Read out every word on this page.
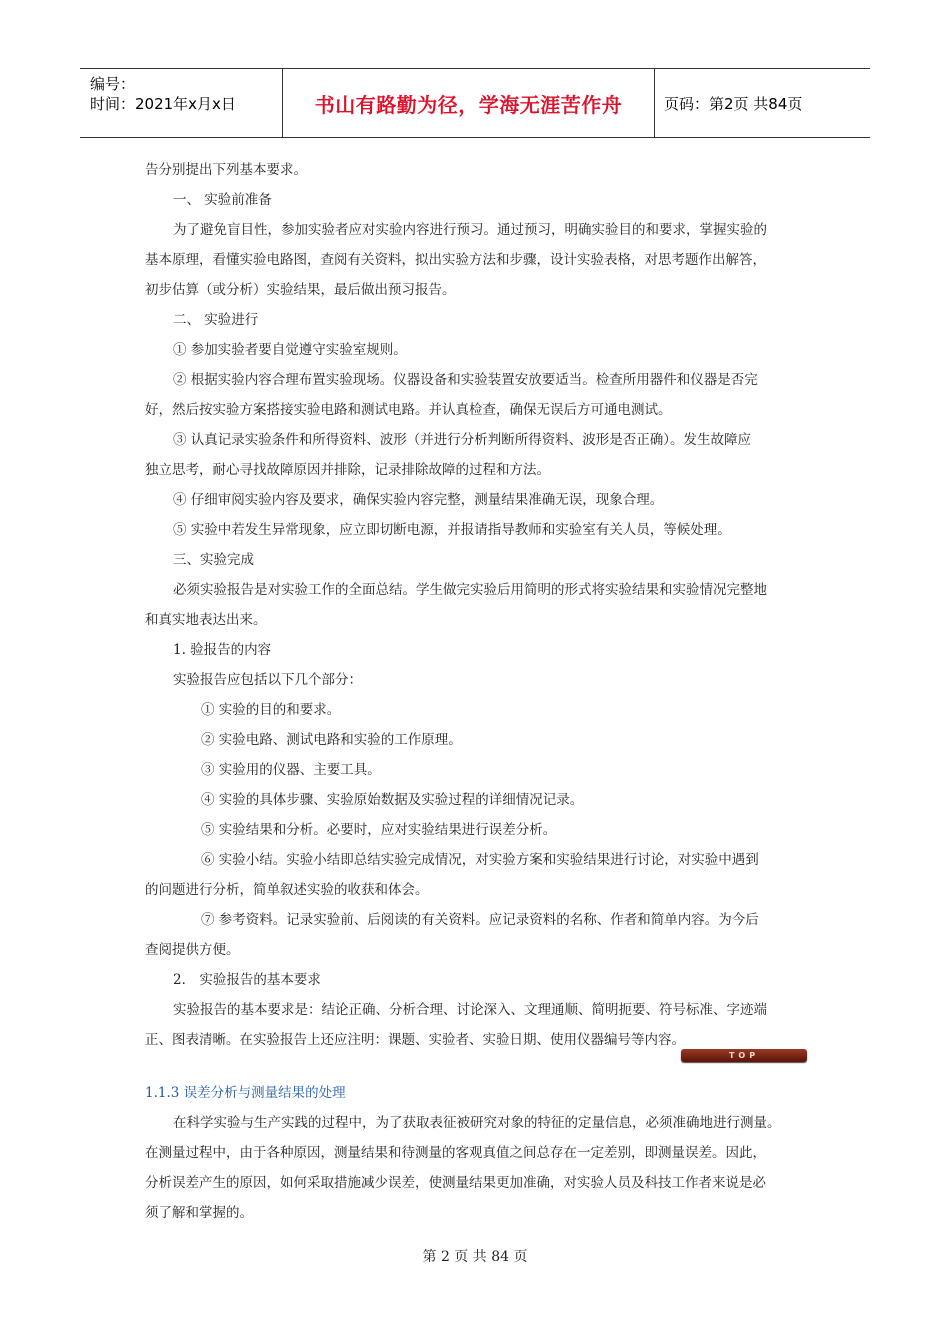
编号：
时间：2021年x月x日	书山有路勤为径，学海无涯苦作舟	页码：第2页 共84页

告分别提出下列基本要求。

一、 实验前准备

为了避免盲目性，参加实验者应对实验内容进行预习。通过预习，明确实验目的和要求，掌握实验的

基本原理，看懂实验电路图，查阅有关资料，拟出实验方法和步骤，设计实验表格，对思考题作出解答，

初步估算（或分析）实验结果，最后做出预习报告。

二、 实验进行

① 参加实验者要自觉遵守实验室规则。

② 根据实验内容合理布置实验现场。仪器设备和实验装置安放要适当。检查所用器件和仪器是否完

好，然后按实验方案搭接实验电路和测试电路。并认真检查，确保无误后方可通电测试。

③ 认真记录实验条件和所得资料、波形（并进行分析判断所得资料、波形是否正确）。发生故障应

独立思考，耐心寻找故障原因并排除，记录排除故障的过程和方法。

④ 仔细审阅实验内容及要求，确保实验内容完整，测量结果准确无误，现象合理。

⑤ 实验中若发生异常现象，应立即切断电源，并报请指导教师和实验室有关人员，等候处理。

三、实验完成

必须实验报告是对实验工作的全面总结。学生做完实验后用简明的形式将实验结果和实验情况完整地

和真实地表达出来。

1. 验报告的内容

实验报告应包括以下几个部分：

① 实验的目的和要求。

② 实验电路、测试电路和实验的工作原理。

③ 实验用的仪器、主要工具。

④ 实验的具体步骤、实验原始数据及实验过程的详细情况记录。

⑤ 实验结果和分析。必要时，应对实验结果进行误差分析。

⑥ 实验小结。实验小结即总结实验完成情况，对实验方案和实验结果进行讨论，对实验中遇到

的问题进行分析，简单叙述实验的收获和体会。

⑦ 参考资料。记录实验前、后阅读的有关资料。应记录资料的名称、作者和简单内容。为今后

查阅提供方便。

2． 实验报告的基本要求

实验报告的基本要求是：结论正确、分析合理、讨论深入、文理通顺、简明扼要、符号标准、字迹端

正、图表清晰。在实验报告上还应注明：课题、实验者、实验日期、使用仪器编号等内容。

TOP
1.1.3 误差分析与测量结果的处理

在科学实验与生产实践的过程中，为了获取表征被研究对象的特征的定量信息，必须准确地进行测量。

在测量过程中，由于各种原因，测量结果和待测量的客观真值之间总存在一定差别，即测量误差。因此，

分析误差产生的原因，如何采取措施减少误差，使测量结果更加准确，对实验人员及科技工作者来说是必

须了解和掌握的。

第 2 页 共 84 页
